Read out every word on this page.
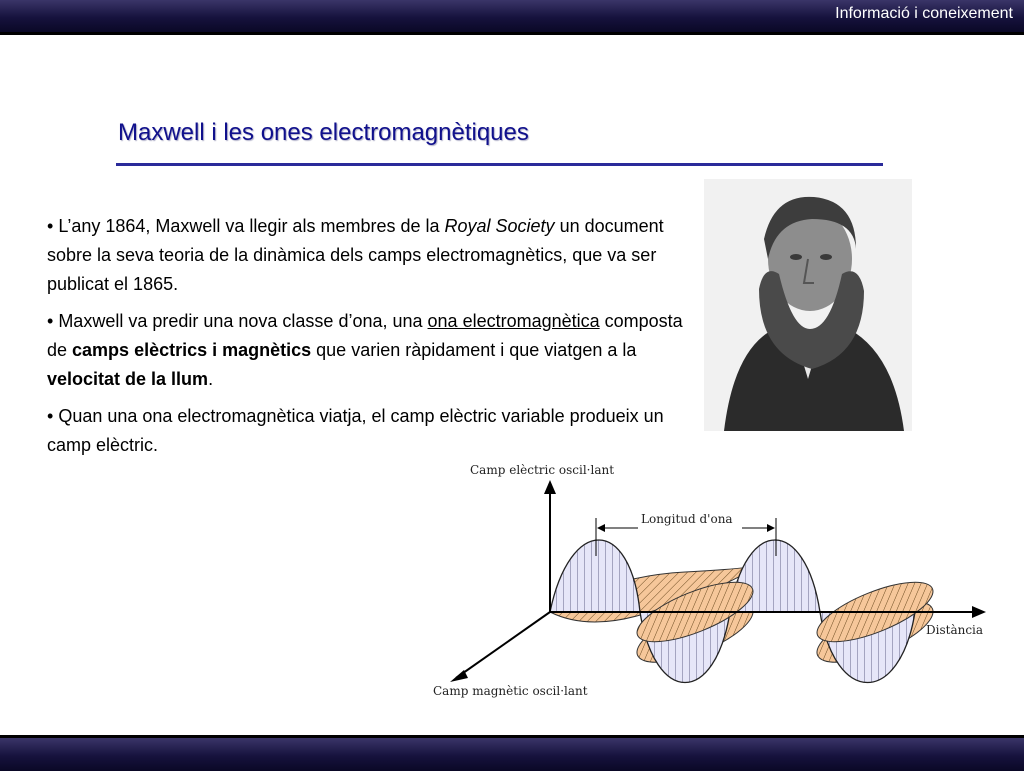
Informació i coneixement
Maxwell i les ones electromagnètiques

• L’any 1864, Maxwell va llegir als membres de la Royal Society un document sobre la seva teoria de la dinàmica dels camps electromagnètics, que va ser publicat el 1865.

• Maxwell va predir una nova classe d’ona, una ona electromagnètica composta de camps elèctrics i magnètics que varien ràpidament i que viatgen a la velocitat de la llum.

• Quan una ona electromagnètica viatja, el camp elèctric variable produeix un camp elèctric.

Camp elèctric oscil·lant
Longitud d'ona
Distància
Camp magnètic oscil·lant
